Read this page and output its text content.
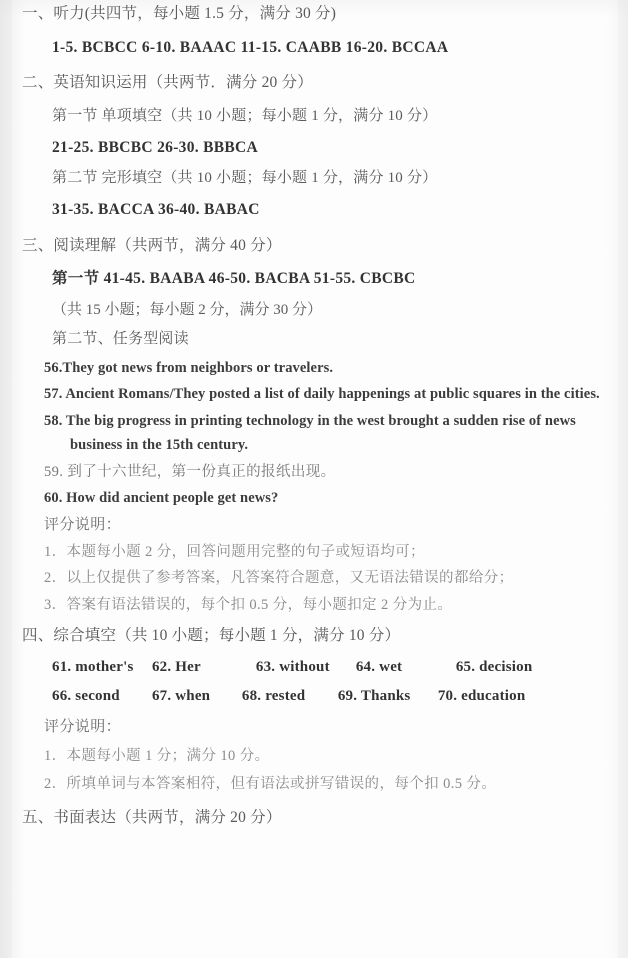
一、听力(共四节，每小题 1.5 分，满分 30 分)
1-5. BCBCC 6-10. BAAAC 11-15. CAABB 16-20. BCCAA
二、英语知识运用（共两节．满分 20 分）
第一节 单项填空（共 10 小题；每小题 1 分，满分 10 分）
21-25. BBCBC 26-30. BBBCA
第二节 完形填空（共 10 小题；每小题 1 分，满分 10 分）
31-35. BACCA 36-40. BABAC
三、阅读理解（共两节，满分 40 分）
第一节 41-45. BAABA 46-50. BACBA 51-55. CBCBC
（共 15 小题；每小题 2 分，满分 30 分）
第二节、任务型阅读
56.They got news from neighbors or travelers.
57. Ancient Romans/They posted a list of daily happenings at public squares in the cities.
58. The big progress in printing technology in the west brought a sudden rise of news
business in the 15th century.
59. 到了十六世纪，第一份真正的报纸出现。
60. How did ancient people get news?
评分说明：
1．本题每小题 2 分，回答问题用完整的句子或短语均可；
2．以上仅提供了参考答案，凡答案符合题意，又无语法错误的都给分；
3．答案有语法错误的，每个扣 0.5 分，每小题扣定 2 分为止。
四、综合填空（共 10 小题；每小题 1 分，满分 10 分）
61. mother's 62. Her	63. without 64. wet	65. decision
66. second 67. when 68. rested 69. Thanks 70. education
评分说明：
1．本题每小题 1 分；满分 10 分。
2．所填单词与本答案相符，但有语法或拼写错误的，每个扣 0.5 分。
五、书面表达（共两节，满分 20 分）
